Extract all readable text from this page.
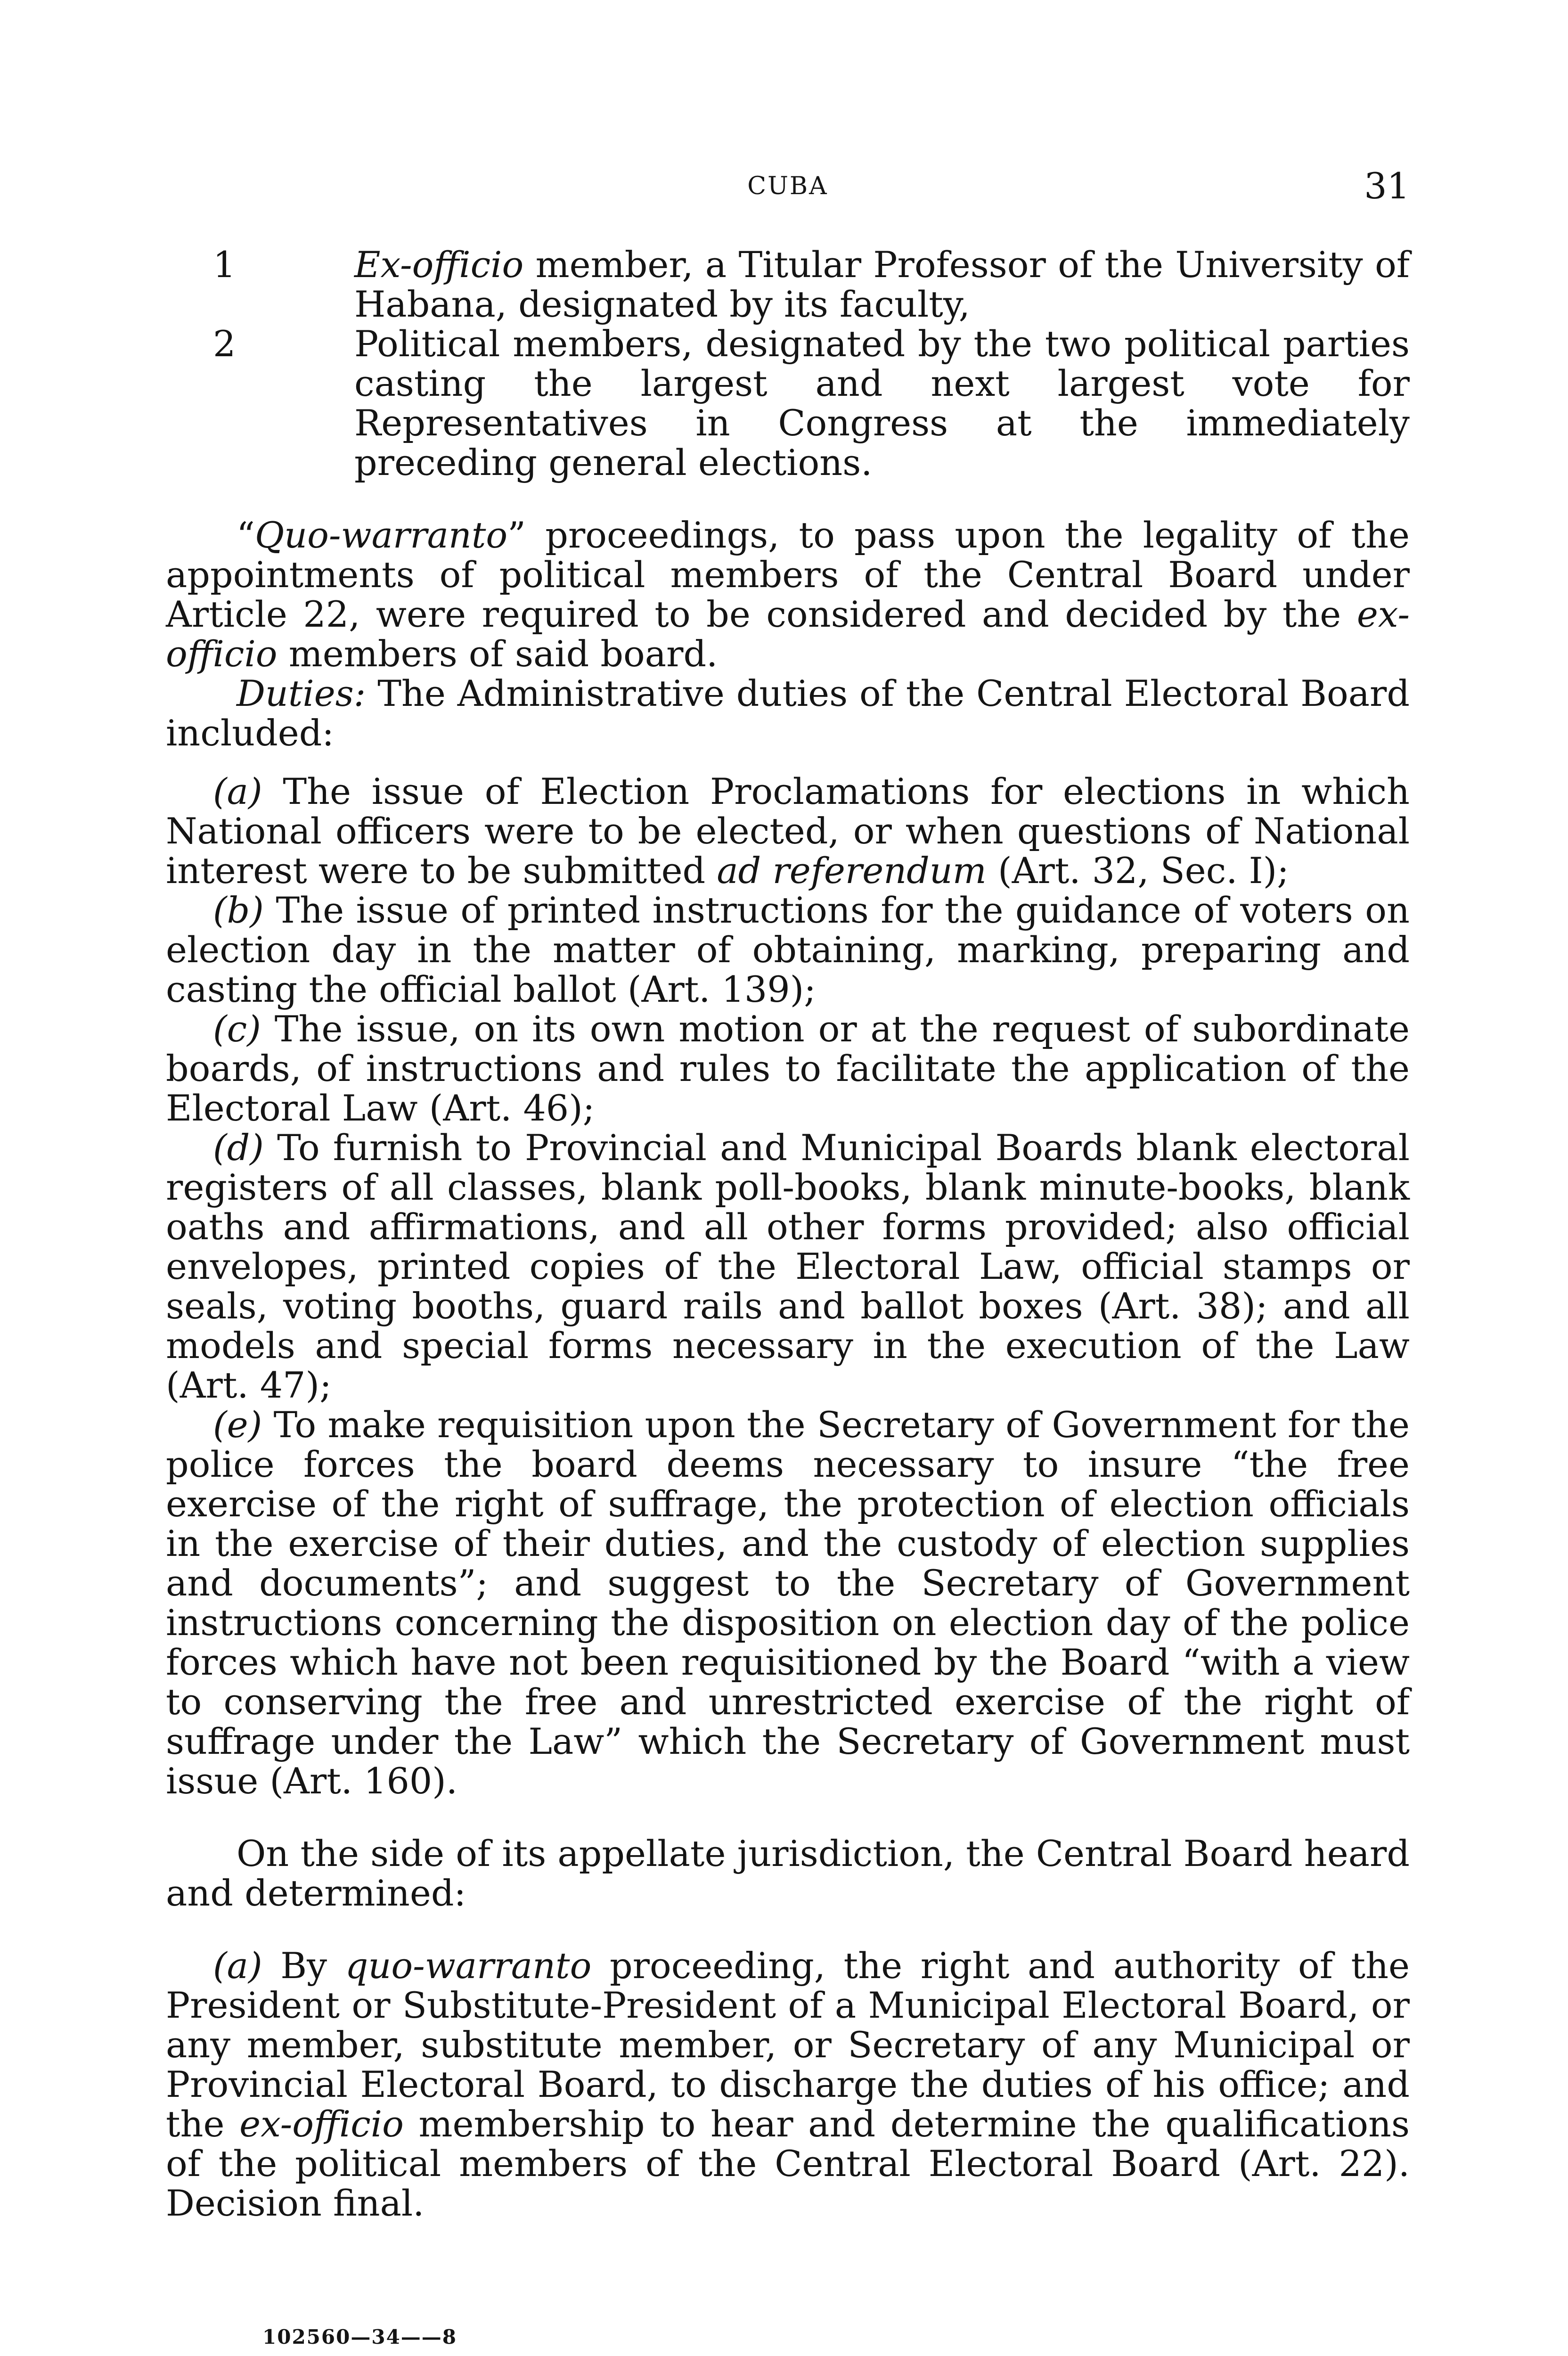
CUBA	31
1	Ex-officio member, a Titular Professor of the University of Habana, designated by its faculty,
2	Political members, designated by the two political parties casting the largest and next largest vote for Representatives in Congress at the immediately preceding general elections.

“Quo-warranto” proceedings, to pass upon the legality of the appointments of political members of the Central Board under Article 22, were required to be considered and decided by the ex-officio members of said board.

Duties: The Administrative duties of the Central Electoral Board included:

(a) The issue of Election Proclamations for elections in which National officers were to be elected, or when questions of National interest were to be submitted ad referendum (Art. 32, Sec. I);

(b) The issue of printed instructions for the guidance of voters on election day in the matter of obtaining, marking, preparing and casting the official ballot (Art. 139);

(c) The issue, on its own motion or at the request of subordinate boards, of instructions and rules to facilitate the application of the Electoral Law (Art. 46);

(d) To furnish to Provincial and Municipal Boards blank electoral registers of all classes, blank poll-books, blank minute-books, blank oaths and affirmations, and all other forms provided; also official envelopes, printed copies of the Electoral Law, official stamps or seals, voting booths, guard rails and ballot boxes (Art. 38); and all models and special forms necessary in the execution of the Law (Art. 47);

(e) To make requisition upon the Secretary of Government for the police forces the board deems necessary to insure “the free exercise of the right of suffrage, the protection of election officials in the exercise of their duties, and the custody of election supplies and documents”; and suggest to the Secretary of Government instructions concerning the disposition on election day of the police forces which have not been requisitioned by the Board “with a view to conserving the free and unrestricted exercise of the right of suffrage under the Law” which the Secretary of Government must issue (Art. 160).

On the side of its appellate jurisdiction, the Central Board heard and determined:

(a) By quo-warranto proceeding, the right and authority of the President or Substitute-President of a Municipal Electoral Board, or any member, substitute member, or Secretary of any Municipal or Provincial Electoral Board, to discharge the duties of his office; and the ex-officio membership to hear and determine the qualifications of the political members of the Central Electoral Board (Art. 22). Decision final.

102560—34——8
